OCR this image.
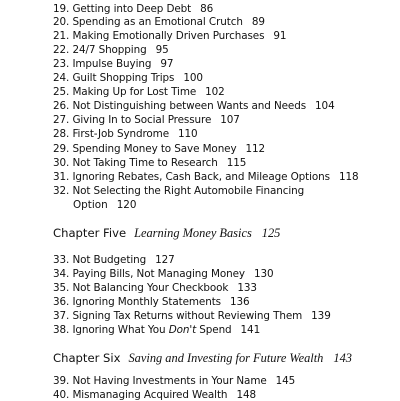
19. Getting into Deep Debt 86
20. Spending as an Emotional Crutch 89
21. Making Emotionally Driven Purchases 91
22. 24/7 Shopping 95
23. Impulse Buying 97
24. Guilt Shopping Trips 100
25. Making Up for Lost Time 102
26. Not Distinguishing between Wants and Needs 104
27. Giving In to Social Pressure 107
28. First-Job Syndrome 110
29. Spending Money to Save Money 112
30. Not Taking Time to Research 115
31. Ignoring Rebates, Cash Back, and Mileage Options 118
32. Not Selecting the Right Automobile Financing
Option 120
Chapter Five Learning Money Basics 125
33. Not Budgeting 127
34. Paying Bills, Not Managing Money 130
35. Not Balancing Your Checkbook 133
36. Ignoring Monthly Statements 136
37. Signing Tax Returns without Reviewing Them 139
38. Ignoring What You Don't Spend 141
Chapter Six Saving and Investing for Future Wealth 143
39. Not Having Investments in Your Name 145
40. Mismanaging Acquired Wealth 148
